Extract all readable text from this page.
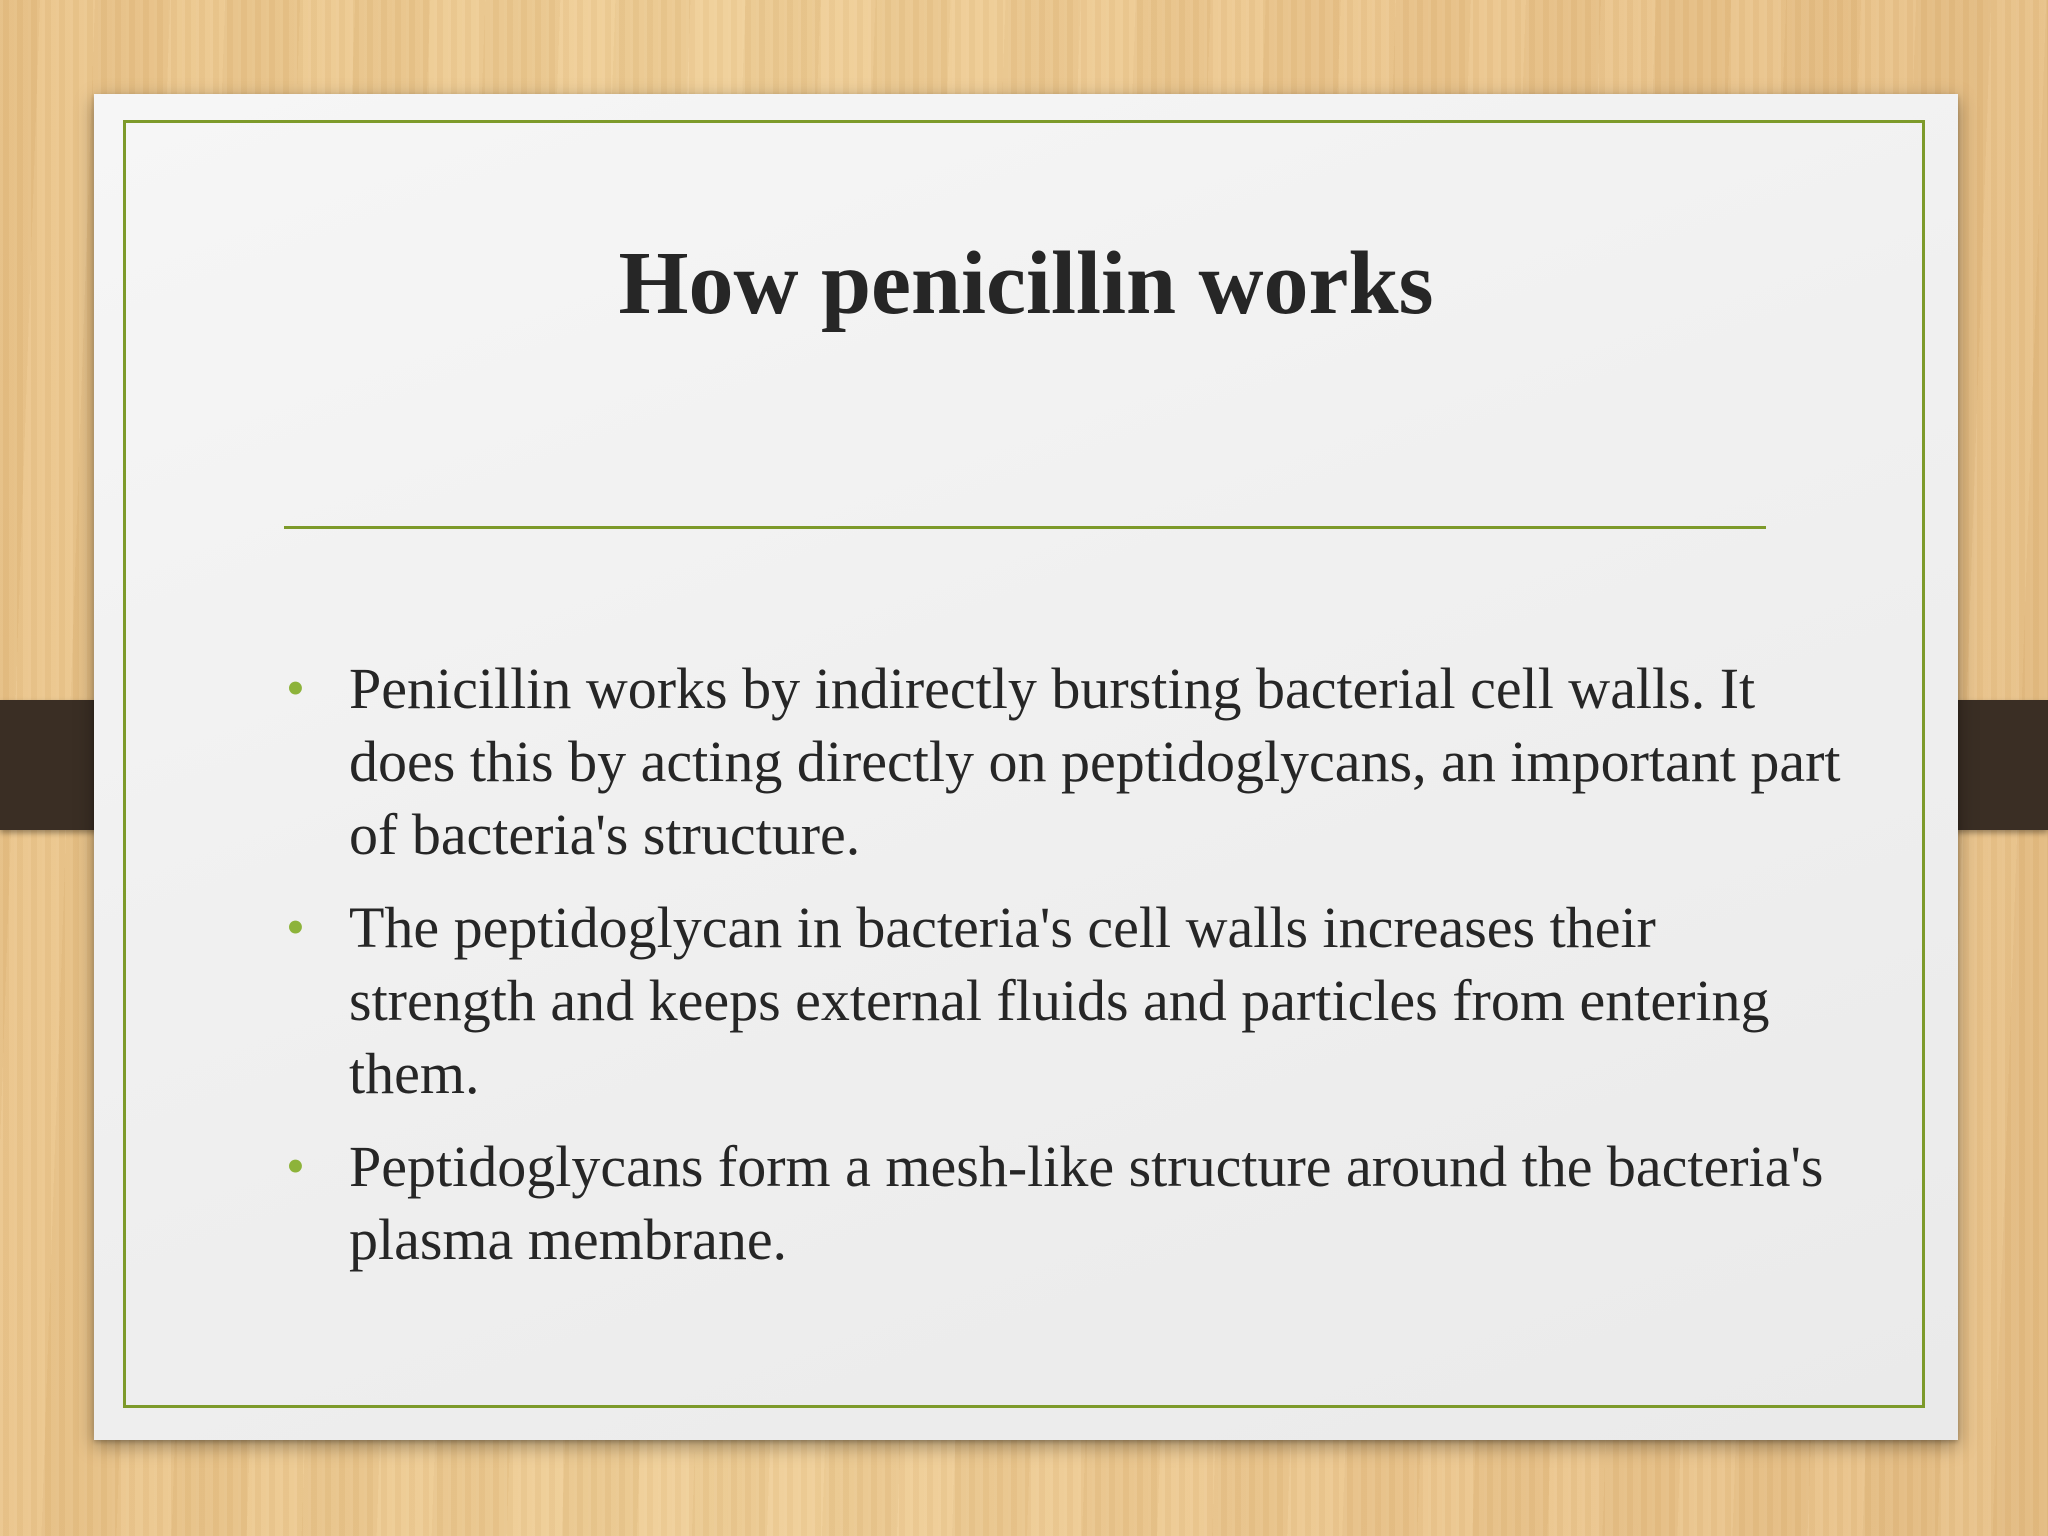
How penicillin works
• Penicillin works by indirectly bursting bacterial cell walls. It does this by acting directly on peptidoglycans, an important part of bacteria's structure.
• The peptidoglycan in bacteria's cell walls increases their strength and keeps external fluids and particles from entering them.
• Peptidoglycans form a mesh-like structure around the bacteria's plasma membrane.
